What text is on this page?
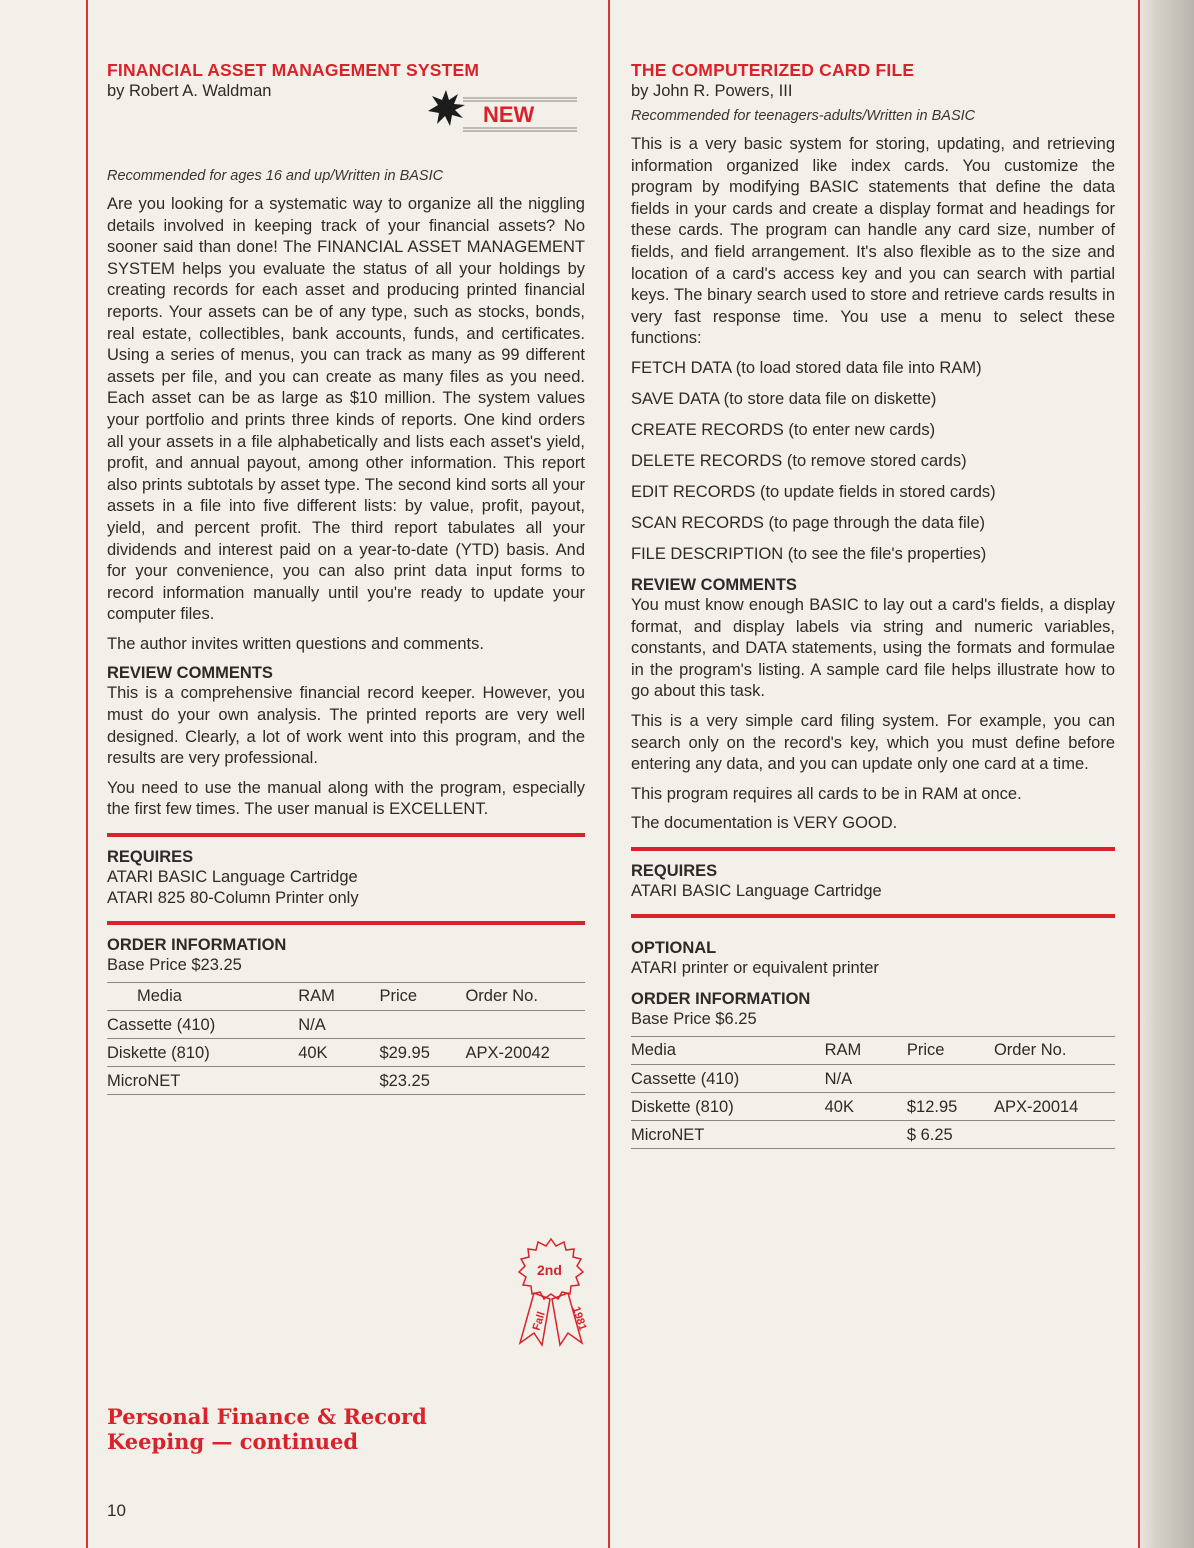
FINANCIAL ASSET MANAGEMENT SYSTEM
by Robert A. Waldman
NEW
Recommended for ages 16 and up/Written in BASIC

Are you looking for a systematic way to organize all the niggling details involved in keeping track of your financial assets? No sooner said than done! The FINANCIAL ASSET MANAGEMENT SYSTEM helps you evaluate the status of all your holdings by creating records for each asset and producing printed financial reports. Your assets can be of any type, such as stocks, bonds, real estate, collectibles, bank accounts, funds, and certificates. Using a series of menus, you can track as many as 99 different assets per file, and you can create as many files as you need. Each asset can be as large as $10 million. The system values your portfolio and prints three kinds of reports. One kind orders all your assets in a file alphabetically and lists each asset's yield, profit, and annual payout, among other information. This report also prints subtotals by asset type. The second kind sorts all your assets in a file into five different lists: by value, profit, payout, yield, and percent profit. The third report tabulates all your dividends and interest paid on a year-to-date (YTD) basis. And for your convenience, you can also print data input forms to record information manually until you're ready to update your computer files.

The author invites written questions and comments.

REVIEW COMMENTS

This is a comprehensive financial record keeper. However, you must do your own analysis. The printed reports are very well designed. Clearly, a lot of work went into this program, and the results are very professional.

You need to use the manual along with the program, especially the first few times. The user manual is EXCELLENT.

REQUIRES
ATARI BASIC Language Cartridge
ATARI 825 80-Column Printer only
ORDER INFORMATION
Base Price $23.25
Media	RAM	Price	Order No.
Cassette (410)	N/A		
Diskette (810)	40K	$29.95	APX-20042
MicroNET		$23.25	
2nd
Fall 1981
Personal Finance & Record
Keeping — continued
10
THE COMPUTERIZED CARD FILE
by John R. Powers, III
Recommended for teenagers-adults/Written in BASIC

This is a very basic system for storing, updating, and retrieving information organized like index cards. You customize the program by modifying BASIC statements that define the data fields in your cards and create a display format and headings for these cards. The program can handle any card size, number of fields, and field arrangement. It's also flexible as to the size and location of a card's access key and you can search with partial keys. The binary search used to store and retrieve cards results in very fast response time. You use a menu to select these functions:

FETCH DATA (to load stored data file into RAM)
SAVE DATA (to store data file on diskette)
CREATE RECORDS (to enter new cards)
DELETE RECORDS (to remove stored cards)
EDIT RECORDS (to update fields in stored cards)
SCAN RECORDS (to page through the data file)
FILE DESCRIPTION (to see the file's properties)
REVIEW COMMENTS

You must know enough BASIC to lay out a card's fields, a display format, and display labels via string and numeric variables, constants, and DATA statements, using the formats and formulae in the program's listing. A sample card file helps illustrate how to go about this task.

This is a very simple card filing system. For example, you can search only on the record's key, which you must define before entering any data, and you can update only one card at a time.

This program requires all cards to be in RAM at once.

The documentation is VERY GOOD.

REQUIRES
ATARI BASIC Language Cartridge
OPTIONAL
ATARI printer or equivalent printer
ORDER INFORMATION
Base Price $6.25
Media	RAM	Price	Order No.
Cassette (410)	N/A		
Diskette (810)	40K	$12.95	APX-20014
MicroNET		$ 6.25	
